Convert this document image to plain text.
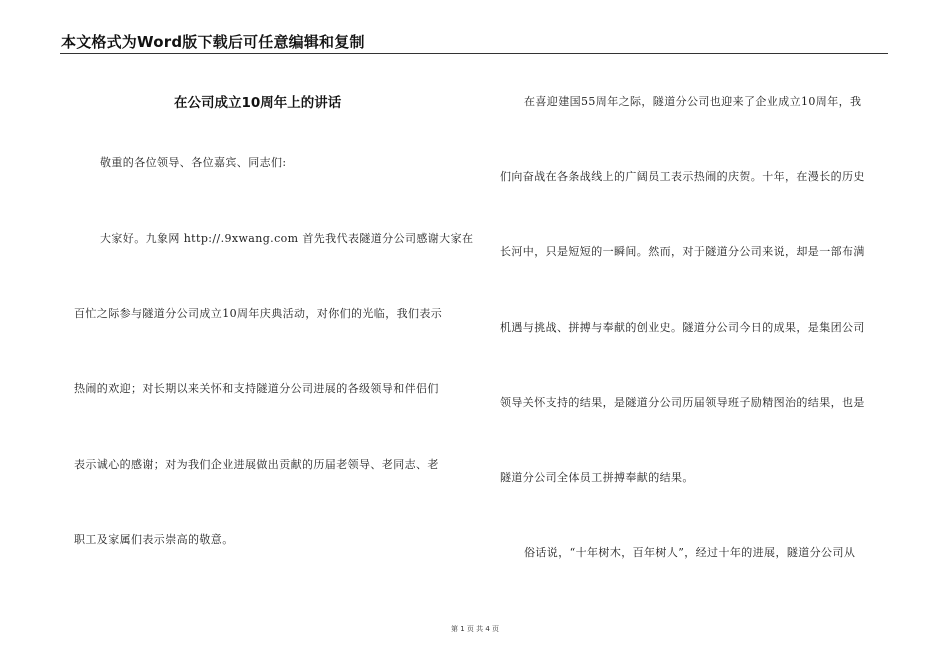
本文格式为Word版下载后可任意编辑和复制
在公司成立10周年上的讲话
敬重的各位领导、各位嘉宾、同志们:
大家好。九象网 http://.9xwang.com 首先我代表隧道分公司感谢大家在
百忙之际参与隧道分公司成立10周年庆典活动，对你们的光临，我们表示
热闹的欢迎；对长期以来关怀和支持隧道分公司进展的各级领导和伴侣们
表示诚心的感谢；对为我们企业进展做出贡献的历届老领导、老同志、老
职工及家属们表示崇高的敬意。
在喜迎建国55周年之际，隧道分公司也迎来了企业成立10周年，我
们向奋战在各条战线上的广阔员工表示热闹的庆贺。十年，在漫长的历史
长河中，只是短短的一瞬间。然而，对于隧道分公司来说，却是一部布满
机遇与挑战、拼搏与奉献的创业史。隧道分公司今日的成果，是集团公司
领导关怀支持的结果，是隧道分公司历届领导班子励精图治的结果，也是
隧道分公司全体员工拼搏奉献的结果。
俗话说，“十年树木，百年树人”，经过十年的进展，隧道分公司从
第 1 页 共 4 页
